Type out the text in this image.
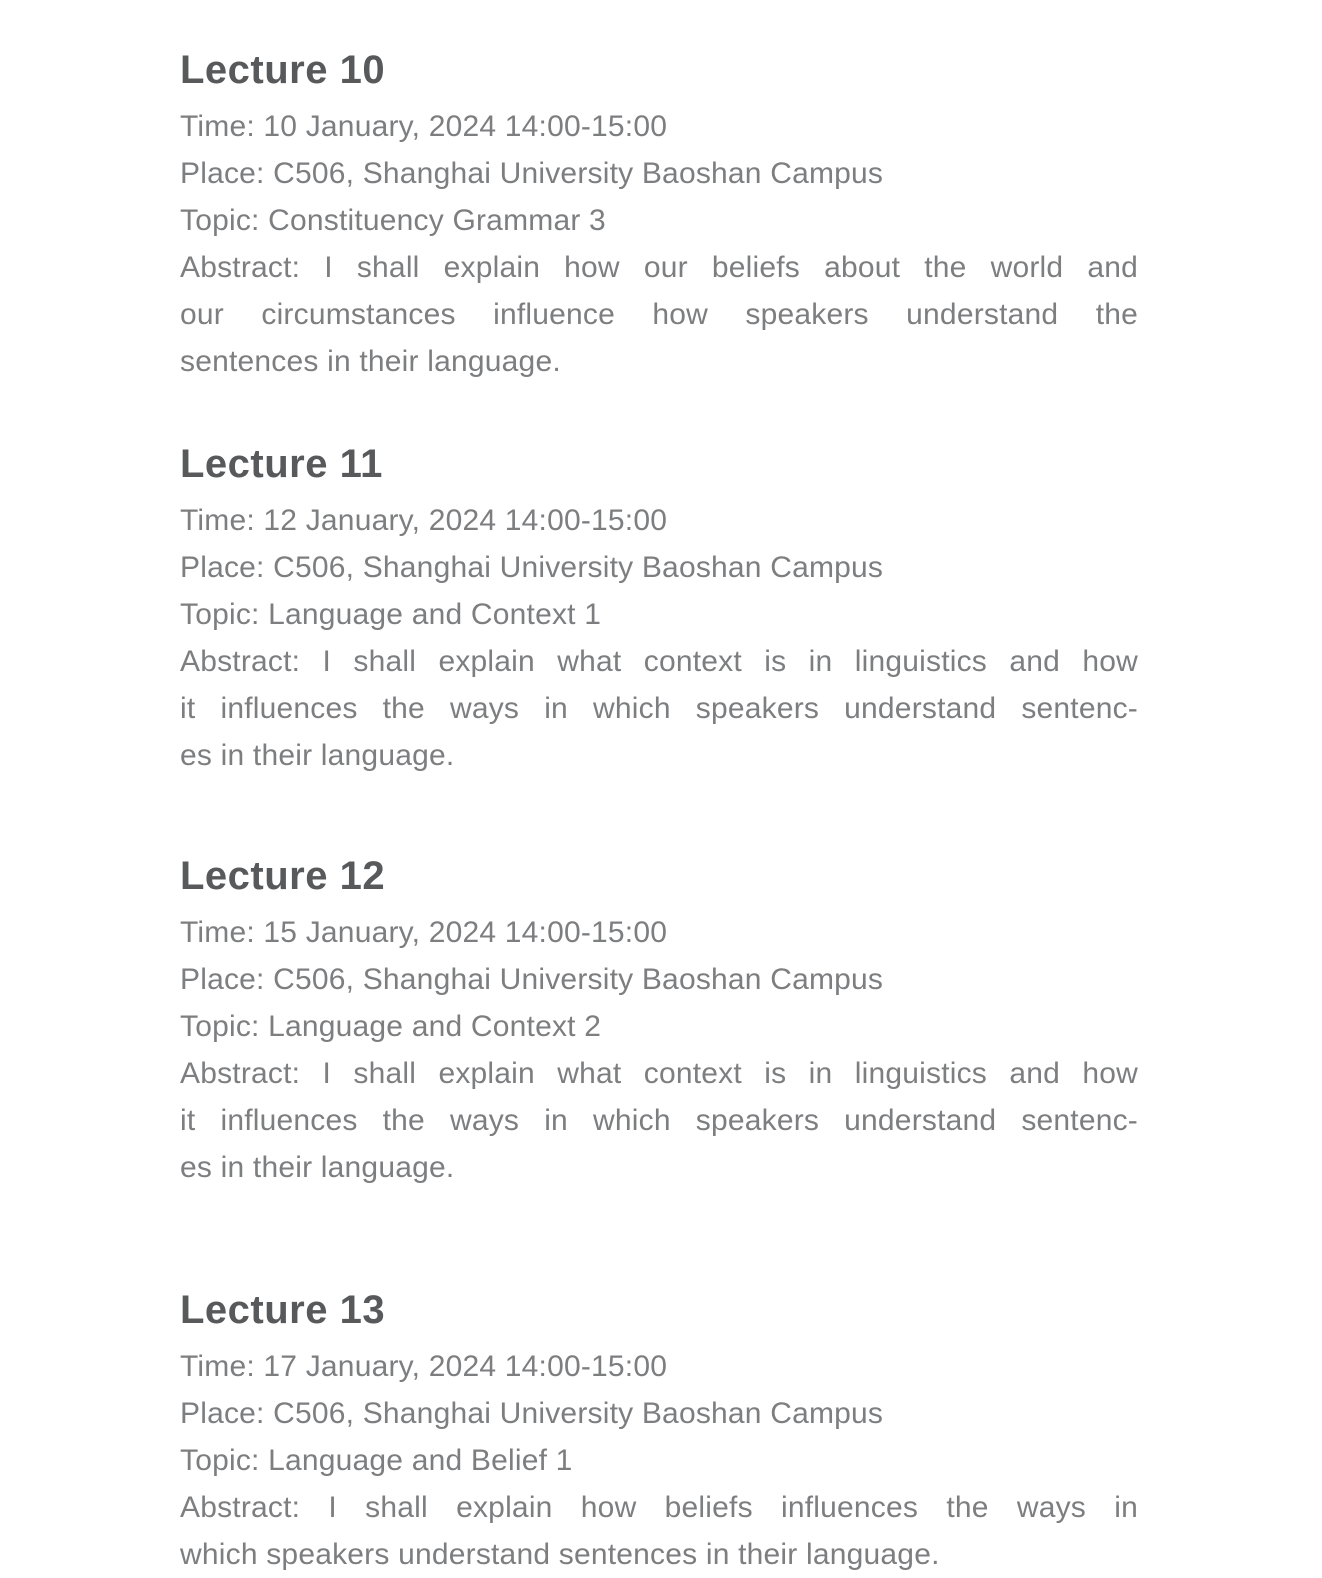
Lecture 10
Time: 10 January, 2024 14:00-15:00
Place: C506, Shanghai University Baoshan Campus
Topic: Constituency Grammar 3
Abstract: I shall explain how our beliefs about the world and
our circumstances influence how speakers understand the
sentences in their language.
Lecture 11
Time: 12 January, 2024 14:00-15:00
Place: C506, Shanghai University Baoshan Campus
Topic: Language and Context 1
Abstract: I shall explain what context is in linguistics and how
it influences the ways in which speakers understand sentenc-
es in their language.
Lecture 12
Time: 15 January, 2024 14:00-15:00
Place: C506, Shanghai University Baoshan Campus
Topic: Language and Context 2
Abstract: I shall explain what context is in linguistics and how
it influences the ways in which speakers understand sentenc-
es in their language.
Lecture 13
Time: 17 January, 2024 14:00-15:00
Place: C506, Shanghai University Baoshan Campus
Topic: Language and Belief 1
Abstract: I shall explain how beliefs influences the ways in
which speakers understand sentences in their language.
